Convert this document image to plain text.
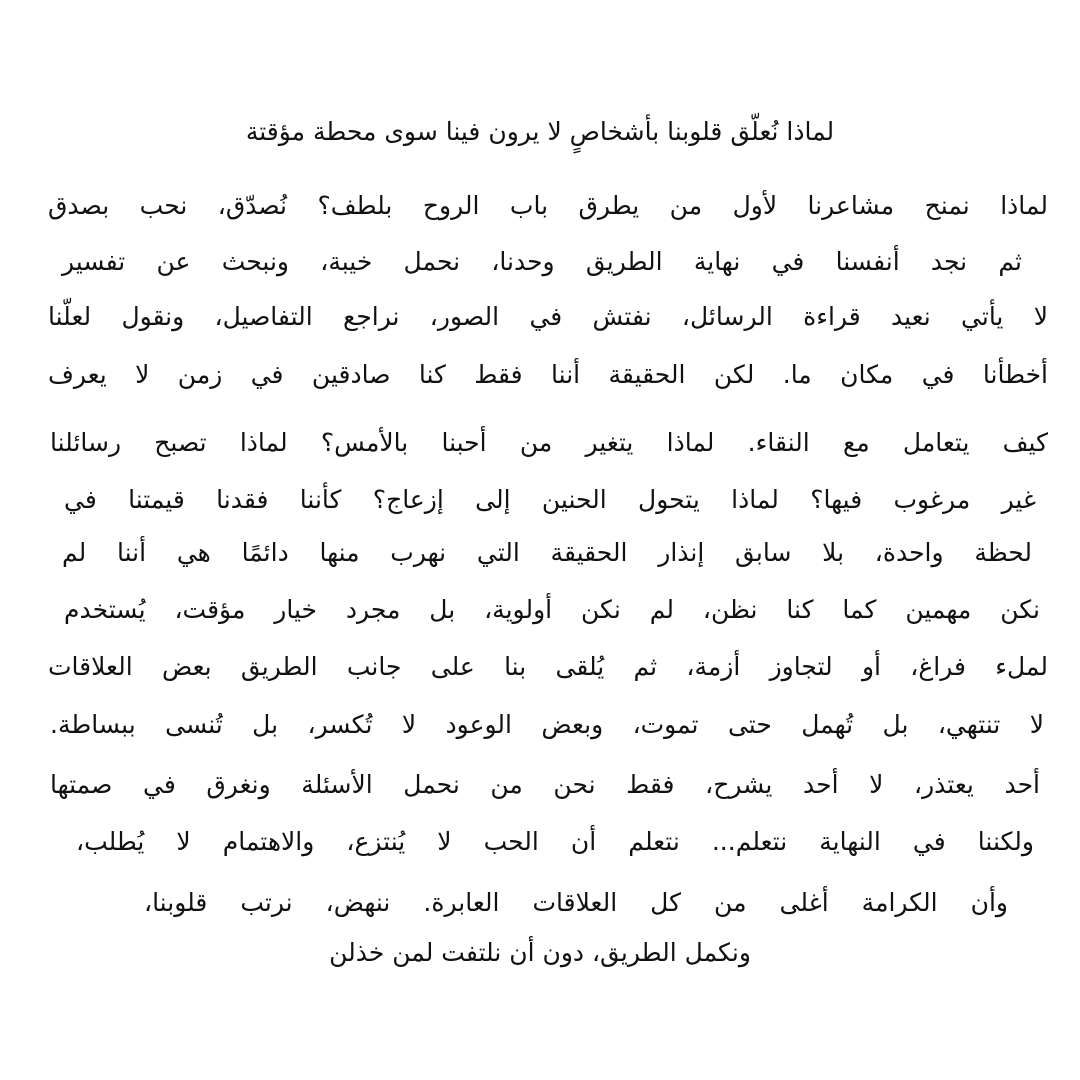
لماذا نُعلّق قلوبنا بأشخاصٍ لا يرون فينا سوى محطة مؤقتة
لماذا نمنح مشاعرنا لأول من يطرق باب الروح بلطف؟ نُصدّق، نحب بصدق
ثم نجد أنفسنا في نهاية الطريق وحدنا، نحمل خيبة، ونبحث عن تفسير
لا يأتي نعيد قراءة الرسائل، نفتش في الصور، نراجع التفاصيل، ونقول لعلّنا
أخطأنا في مكان ما. لكن الحقيقة أننا فقط كنا صادقين في زمن لا يعرف
كيف يتعامل مع النقاء. لماذا يتغير من أحبنا بالأمس؟ لماذا تصبح رسائلنا
غير مرغوب فيها؟ لماذا يتحول الحنين إلى إزعاج؟ كأننا فقدنا قيمتنا في
لحظة واحدة، بلا سابق إنذار الحقيقة التي نهرب منها دائمًا هي أننا لم
نكن مهمين كما كنا نظن، لم نكن أولوية، بل مجرد خيار مؤقت، يُستخدم
لملء فراغ، أو لتجاوز أزمة، ثم يُلقى بنا على جانب الطريق بعض العلاقات
لا تنتهي، بل تُهمل حتى تموت، وبعض الوعود لا تُكسر، بل تُنسى ببساطة.
أحد يعتذر، لا أحد يشرح، فقط نحن من نحمل الأسئلة ونغرق في صمتها
ولكننا في النهاية نتعلم... نتعلم أن الحب لا يُنتزع، والاهتمام لا يُطلب،
وأن الكرامة أغلى من كل العلاقات العابرة. ننهض، نرتب قلوبنا،
ونكمل الطريق، دون أن نلتفت لمن خذلن
